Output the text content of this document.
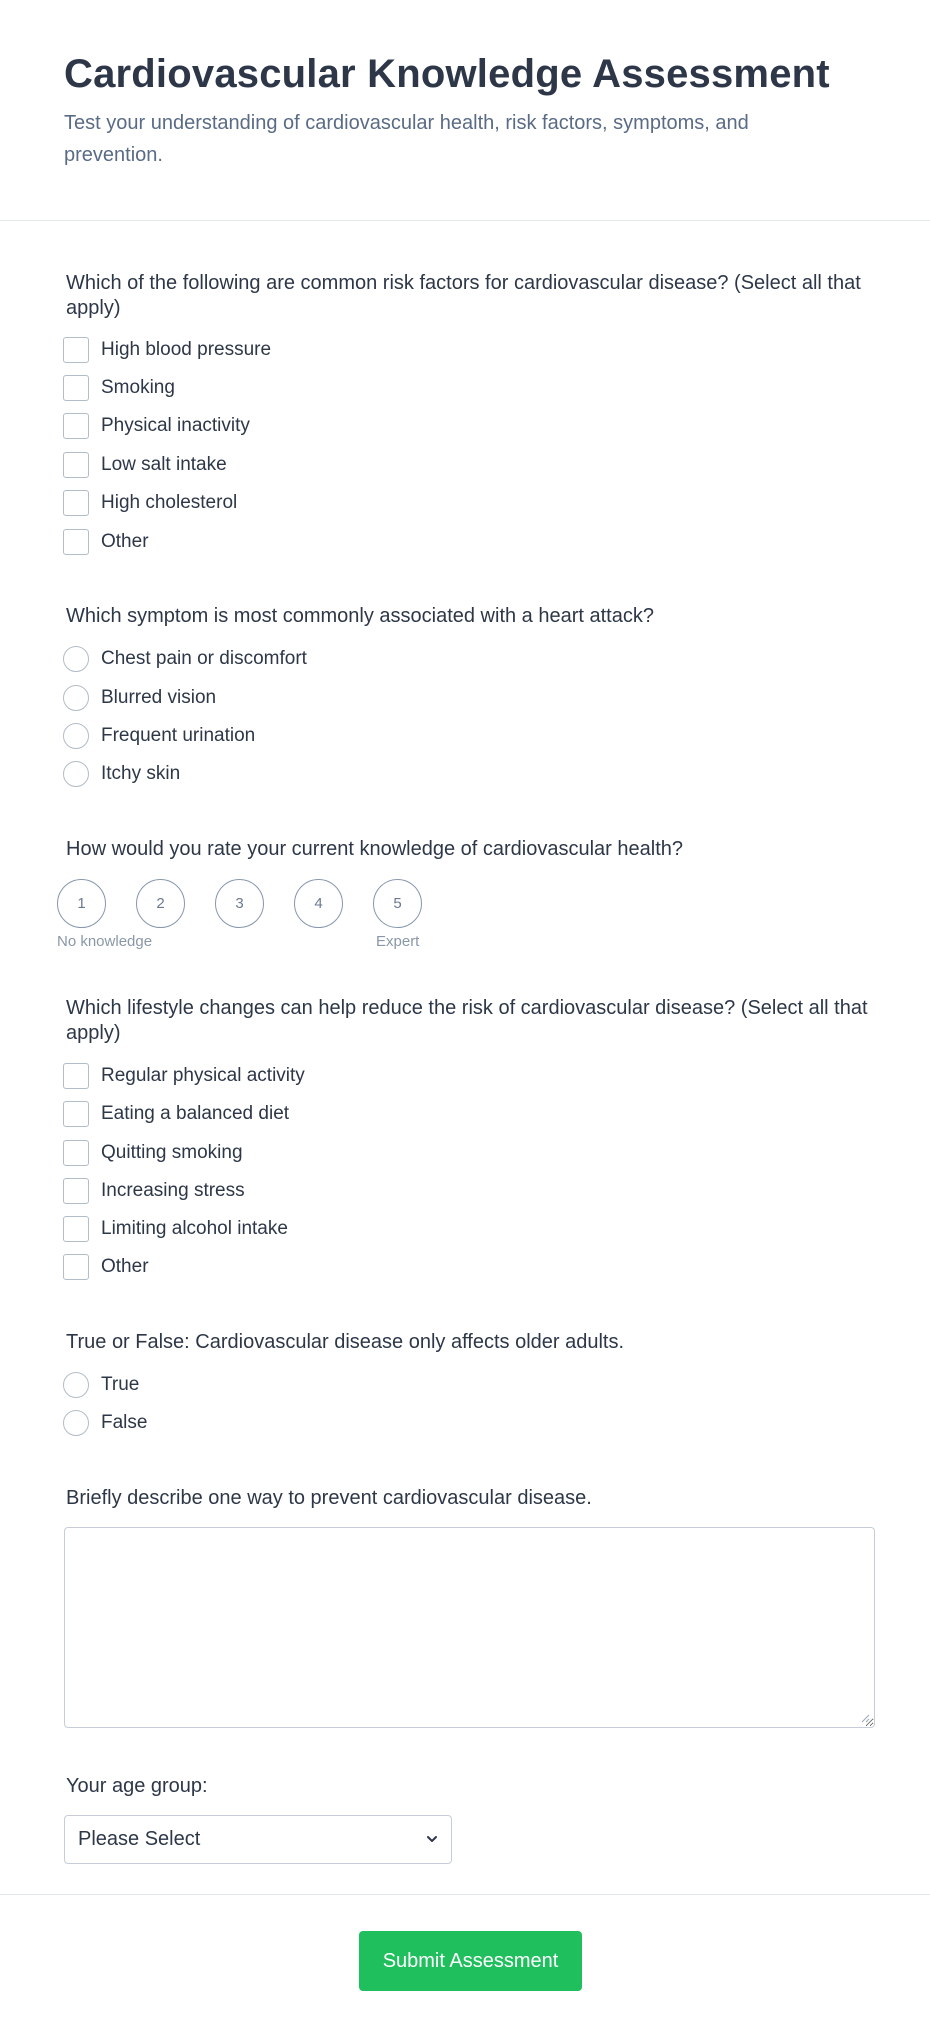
Cardiovascular Knowledge Assessment

Test your understanding of cardiovascular health, risk factors, symptoms, and prevention.

Which of the following are common risk factors for cardiovascular disease? (Select all that apply)
High blood pressure
Smoking
Physical inactivity
Low salt intake
High cholesterol
Other
Which symptom is most commonly associated with a heart attack?
Chest pain or discomfort
Blurred vision
Frequent urination
Itchy skin
How would you rate your current knowledge of cardiovascular health?
1	2	3	4	5
No knowledge	Expert
Which lifestyle changes can help reduce the risk of cardiovascular disease? (Select all that apply)
Regular physical activity
Eating a balanced diet
Quitting smoking
Increasing stress
Limiting alcohol intake
Other
True or False: Cardiovascular disease only affects older adults.
True
False
Briefly describe one way to prevent cardiovascular disease.
Your age group:
Please Select
Submit Assessment
